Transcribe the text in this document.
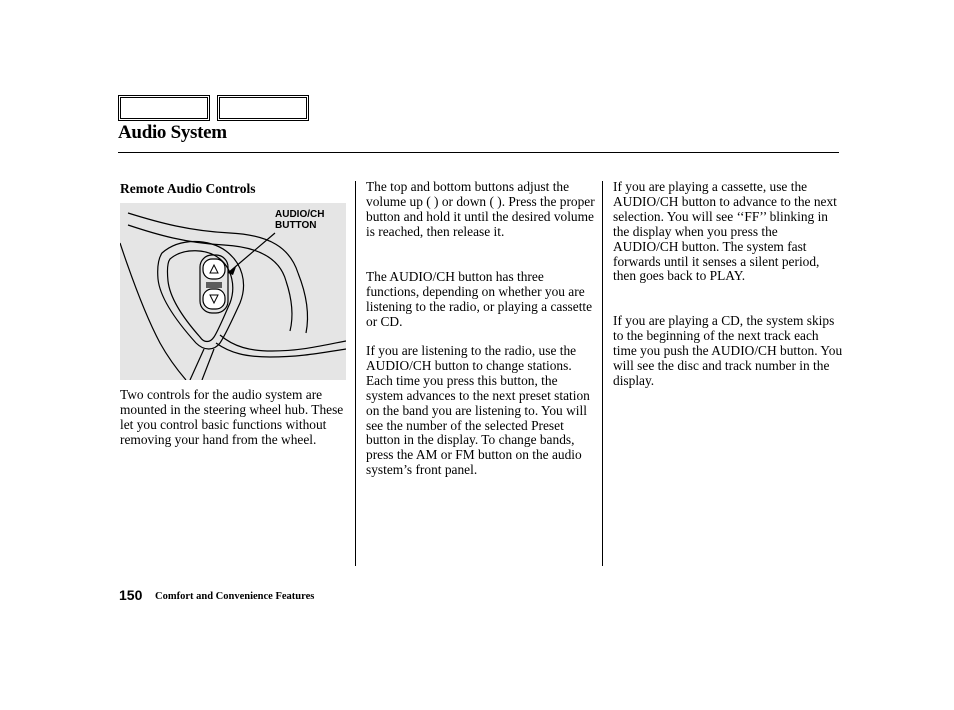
Audio System
Remote Audio Controls
AUDIO/CH
BUTTON

Two controls for the audio system are mounted in the steering wheel hub. These let you control basic functions without removing your hand from the wheel.

The top and bottom buttons adjust the volume up ( ) or down ( ). Press the proper button and hold it until the desired volume is reached, then release it.

The AUDIO/CH button has three functions, depending on whether you are listening to the radio, or playing a cassette or CD.

If you are listening to the radio, use the AUDIO/CH button to change stations. Each time you press this button, the system advances to the next preset station on the band you are listening to. You will see the number of the selected Preset button in the display. To change bands, press the AM or FM button on the audio system’s front panel.

If you are playing a cassette, use the AUDIO/CH button to advance to the next selection. You will see ‘‘FF’’ blinking in the display when you press the AUDIO/CH button. The system fast forwards until it senses a silent period, then goes back to PLAY.

If you are playing a CD, the system skips to the beginning of the next track each time you push the AUDIO/CH button. You will see the disc and track number in the display.

150 Comfort and Convenience Features
